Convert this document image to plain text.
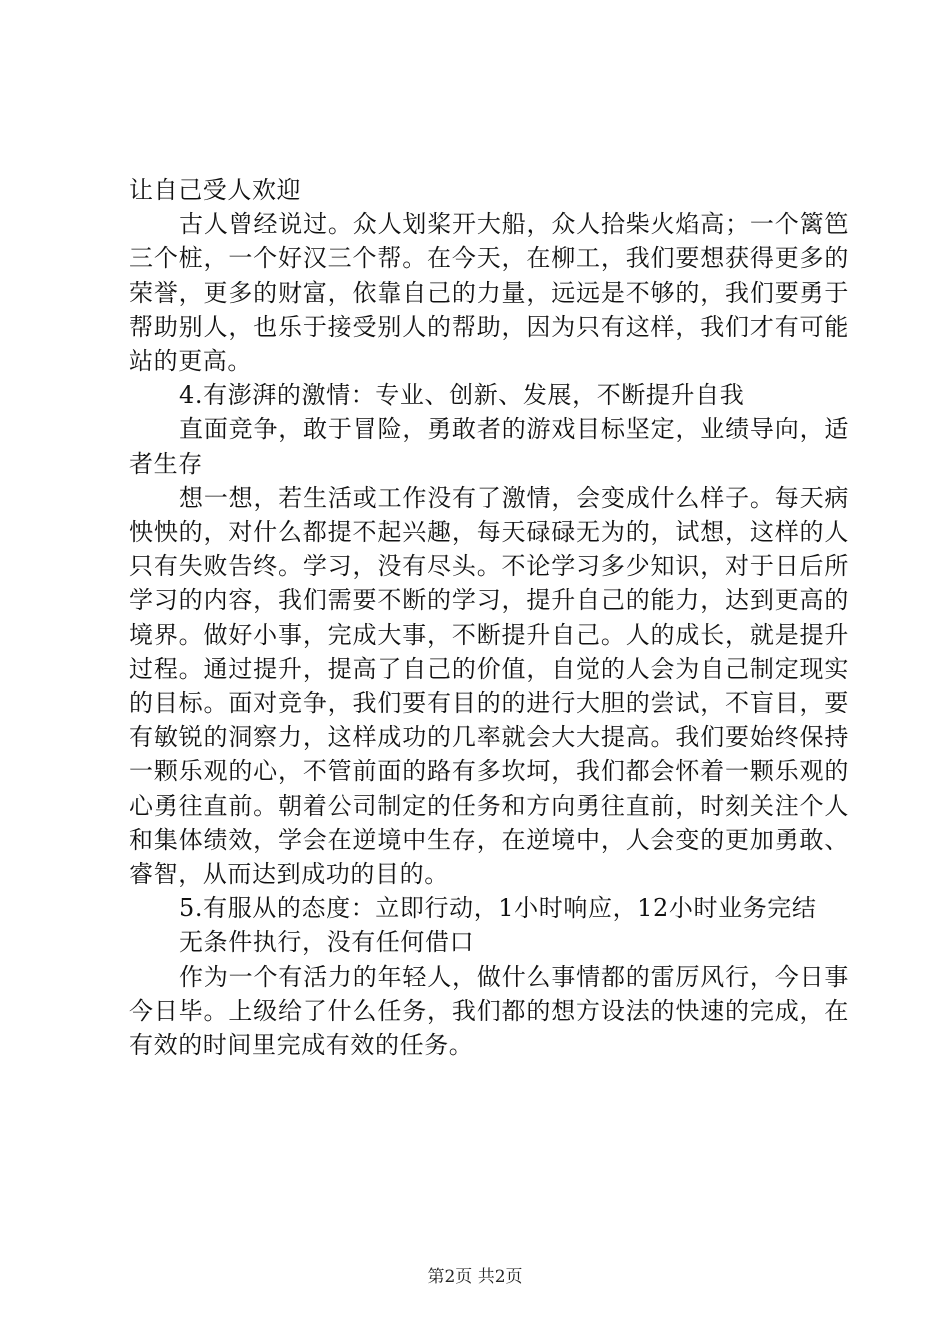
让自己受人欢迎

古人曾经说过。众人划桨开大船，众人拾柴火焰高；一个篱笆三个桩，一个好汉三个帮。在今天，在柳工，我们要想获得更多的荣誉，更多的财富，依靠自己的力量，远远是不够的，我们要勇于帮助别人，也乐于接受别人的帮助，因为只有这样，我们才有可能站的更高。

4.有澎湃的激情：专业、创新、发展，不断提升自我

直面竞争，敢于冒险，勇敢者的游戏目标坚定，业绩导向，适者生存

想一想，若生活或工作没有了激情，会变成什么样子。每天病怏怏的，对什么都提不起兴趣，每天碌碌无为的，试想，这样的人只有失败告终。学习，没有尽头。不论学习多少知识，对于日后所学习的内容，我们需要不断的学习，提升自己的能力，达到更高的境界。做好小事，完成大事，不断提升自己。人的成长，就是提升过程。通过提升，提高了自己的价值，自觉的人会为自己制定现实的目标。面对竞争，我们要有目的的进行大胆的尝试，不盲目，要有敏锐的洞察力，这样成功的几率就会大大提高。我们要始终保持一颗乐观的心，不管前面的路有多坎坷，我们都会怀着一颗乐观的心勇往直前。朝着公司制定的任务和方向勇往直前，时刻关注个人和集体绩效，学会在逆境中生存，在逆境中，人会变的更加勇敢、睿智，从而达到成功的目的。

5.有服从的态度：立即行动，1小时响应，12小时业务完结

无条件执行，没有任何借口

作为一个有活力的年轻人，做什么事情都的雷厉风行，今日事今日毕。上级给了什么任务，我们都的想方设法的快速的完成，在有效的时间里完成有效的任务。

第2页 共2页
